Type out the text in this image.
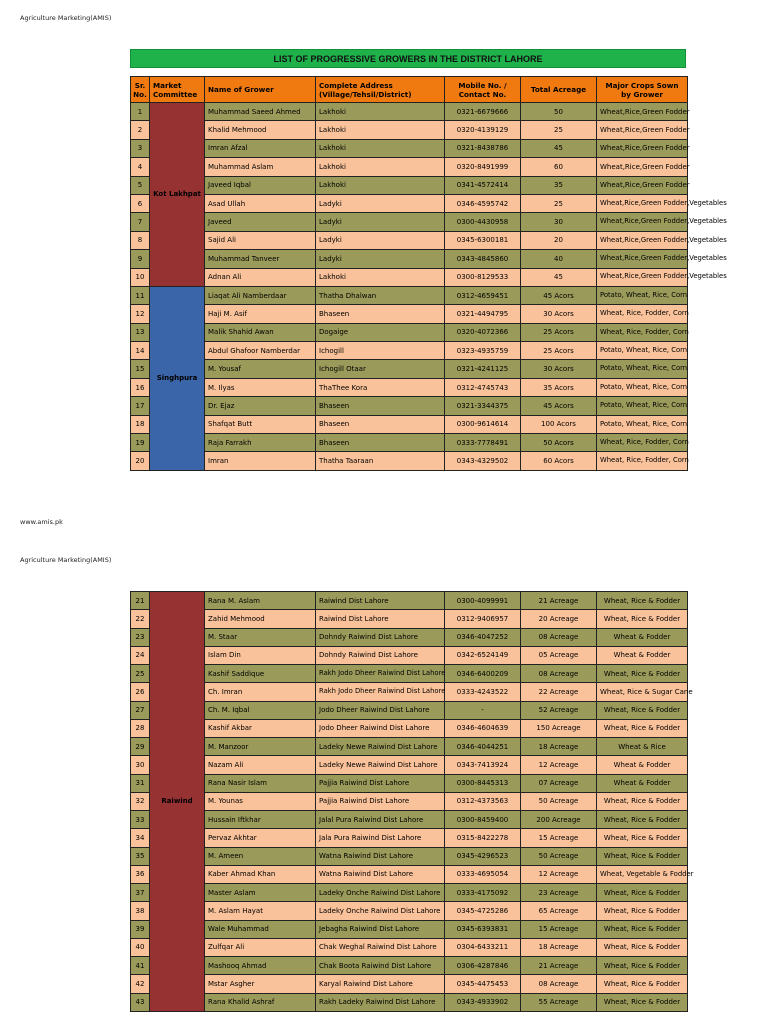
Agriculture Marketing(AMIS)
LIST OF PROGRESSIVE GROWERS IN THE DISTRICT LAHORE
Sr. No.	Market Committee	Name of Grower	Complete Address (Village/Tehsil/District)	Mobile No. / Contact No.	Total Acreage	Major Crops Sown by Grower
1	Kot Lakhpat	Muhammad Saeed Ahmed	Lakhoki	0321-6679666	50	Wheat,Rice,Green Fodder
2		Khalid Mehmood	Lakhoki	0320-4139129	25	Wheat,Rice,Green Fodder
3		Imran Afzal	Lakhoki	0321-8438786	45	Wheat,Rice,Green Fodder
4		Muhammad Aslam	Lakhoki	0320-8491999	60	Wheat,Rice,Green Fodder
5		Javeed Iqbal	Lakhoki	0341-4572414	35	Wheat,Rice,Green Fodder
6		Asad Ullah	Ladyki	0346-4595742	25	Wheat,Rice,Green Fodder,Vegetables
7		Javeed	Ladyki	0300-4430958	30	Wheat,Rice,Green Fodder,Vegetables
8		Sajid Ali	Ladyki	0345-6300181	20	Wheat,Rice,Green Fodder,Vegetables
9		Muhammad Tanveer	Ladyki	0343-4845860	40	Wheat,Rice,Green Fodder,Vegetables
10		Adnan Ali	Lakhoki	0300-8129533	45	Wheat,Rice,Green Fodder,Vegetables
11	Singhpura	Liaqat Ali Namberdaar	Thatha Dhalwan	0312-4659451	45 Acors	Potato, Wheat, Rice, Corn
12		Haji M. Asif	Bhaseen	0321-4494795	30 Acors	Wheat, Rice, Fodder, Corn
13		Malik Shahid Awan	Dogaige	0320-4072366	25 Acors	Wheat, Rice, Fodder, Corn
14		Abdul Ghafoor Namberdar	Ichogill	0323-4935759	25 Acors	Potato, Wheat, Rice, Corn
15		M. Yousaf	Ichogill Otaar	0321-4241125	30 Acors	Potato, Wheat, Rice, Corn
16		M. Ilyas	ThaThee Kora	0312-4745743	35 Acors	Potato, Wheat, Rice, Corn
17		Dr. Ejaz	Bhaseen	0321-3344375	45 Acors	Potato, Wheat, Rice, Corn
18		Shafqat Butt	Bhaseen	0300-9614614	100 Acors	Potato, Wheat, Rice, Corn
19		Raja Farrakh	Bhaseen	0333-7778491	50 Acors	Wheat, Rice, Fodder, Corn
20		Imran	Thatha Taaraan	0343-4329502	60 Acors	Wheat, Rice, Fodder, Corn
www.amis.pk
Agriculture Marketing(AMIS)
21	Raiwind	Rana M. Aslam	Raiwind Dist Lahore	0300-4099991	21 Acreage	Wheat, Rice & Fodder
22		Zahid Mehmood	Raiwind Dist Lahore	0312-9406957	20 Acreage	Wheat, Rice & Fodder
23		M. Staar	Dohndy Raiwind Dist Lahore	0346-4047252	08 Acreage	Wheat & Fodder
24		Islam Din	Dohndy Raiwind Dist Lahore	0342-6524149	05 Acreage	Wheat & Fodder
25		Kashif Saddique	Rakh Jodo Dheer Raiwind Dist Lahore	0346-6400209	08 Acreage	Wheat, Rice & Fodder
26		Ch. Imran	Rakh Jodo Dheer Raiwind Dist Lahore	0333-4243522	22 Acreage	Wheat, Rice & Sugar Cane
27		Ch. M. Iqbal	Jodo Dheer Raiwind Dist Lahore	-	52 Acreage	Wheat, Rice & Fodder
28		Kashif Akbar	Jodo Dheer Raiwind Dist Lahore	0346-4604639	150 Acreage	Wheat, Rice & Fodder
29		M. Manzoor	Ladeky Newe Raiwind Dist Lahore	0346-4044251	18 Acreage	Wheat & Rice
30		Nazam Ali	Ladeky Newe Raiwind Dist Lahore	0343-7413924	12 Acreage	Wheat & Fodder
31		Rana Nasir Islam	Pajjia Raiwind Dist Lahore	0300-8445313	07 Acreage	Wheat & Fodder
32		M. Younas	Pajjia Raiwind Dist Lahore	0312-4373563	50 Acreage	Wheat, Rice & Fodder
33		Hussain Iftkhar	Jalal Pura Raiwind Dist Lahore	0300-8459400	200 Acreage	Wheat, Rice & Fodder
34		Pervaz Akhtar	Jala Pura Raiwind Dist Lahore	0315-8422278	15 Acreage	Wheat, Rice & Fodder
35		M. Ameen	Watna Raiwind Dist Lahore	0345-4296523	50 Acreage	Wheat, Rice & Fodder
36		Kaber Ahmad Khan	Watna Raiwind Dist Lahore	0333-4695054	12 Acreage	Wheat, Vegetable & Fodder
37		Master Aslam	Ladeky Onche Raiwind Dist Lahore	0333-4175092	23 Acreage	Wheat, Rice & Fodder
38		M. Aslam Hayat	Ladeky Onche Raiwind Dist Lahore	0345-4725286	65 Acreage	Wheat, Rice & Fodder
39		Wale Muhammad	Jebagha Raiwind Dist Lahore	0345-6393831	15 Acreage	Wheat, Rice & Fodder
40		Zulfqar Ali	Chak Weghal Raiwind Dist Lahore	0304-6433211	18 Acreage	Wheat, Rice & Fodder
41		Mashooq Ahmad	Chak Boota Raiwind Dist Lahore	0306-4287846	21 Acreage	Wheat, Rice & Fodder
42		Mstar Asgher	Karyal Raiwind Dist Lahore	0345-4475453	08 Acreage	Wheat, Rice & Fodder
43		Rana Khalid Ashraf	Rakh Ladeky Raiwind Dist Lahore	0343-4933902	55 Acreage	Wheat, Rice & Fodder
